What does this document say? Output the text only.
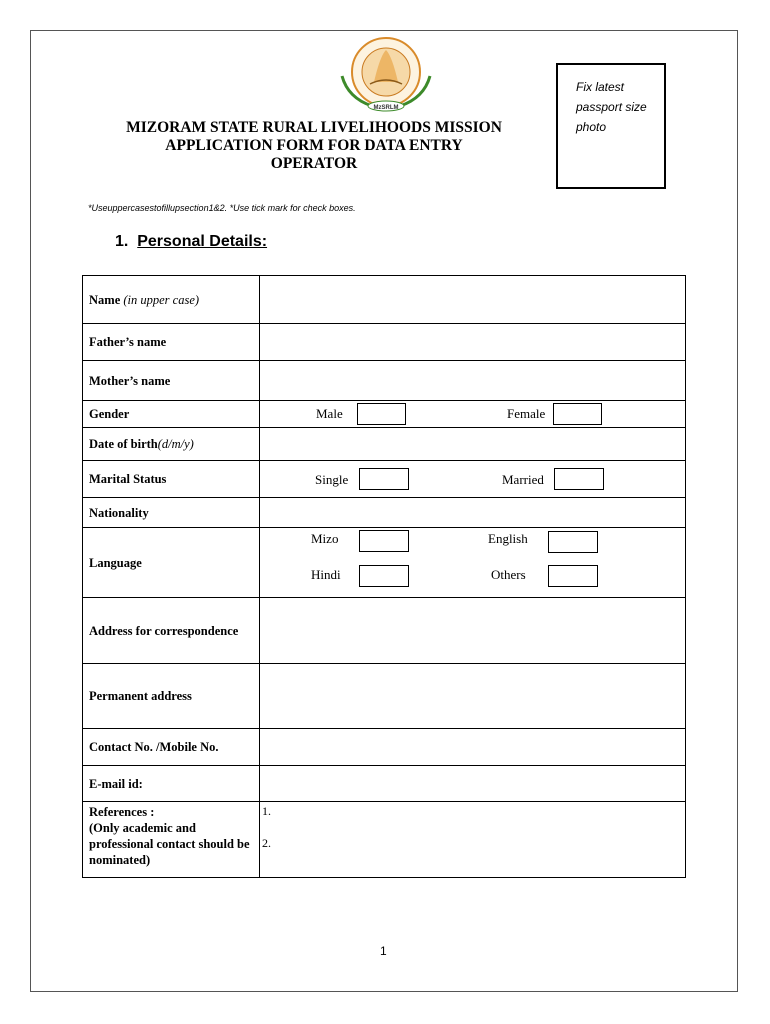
MzSRLM
MIZORAM STATE RURAL LIVELIHOODS MISSION
APPLICATION FORM FOR DATA ENTRY
OPERATOR
Fix latest
passport size
photo
*Useuppercasestofillupsection1&2. *Use tick mark for check boxes.
1. Personal Details:
Name (in upper case)
Father’s name
Mother’s name
Gender	Male	Female
Date of birth(d/m/y)
Marital Status	Single	Married
Nationality
Language
Mizo	English
Hindi	Others
Address for correspondence
Permanent address
Contact No. /Mobile No.
E-mail id:
References :
(Only academic and professional contact should be nominated)
1.
2.
1
